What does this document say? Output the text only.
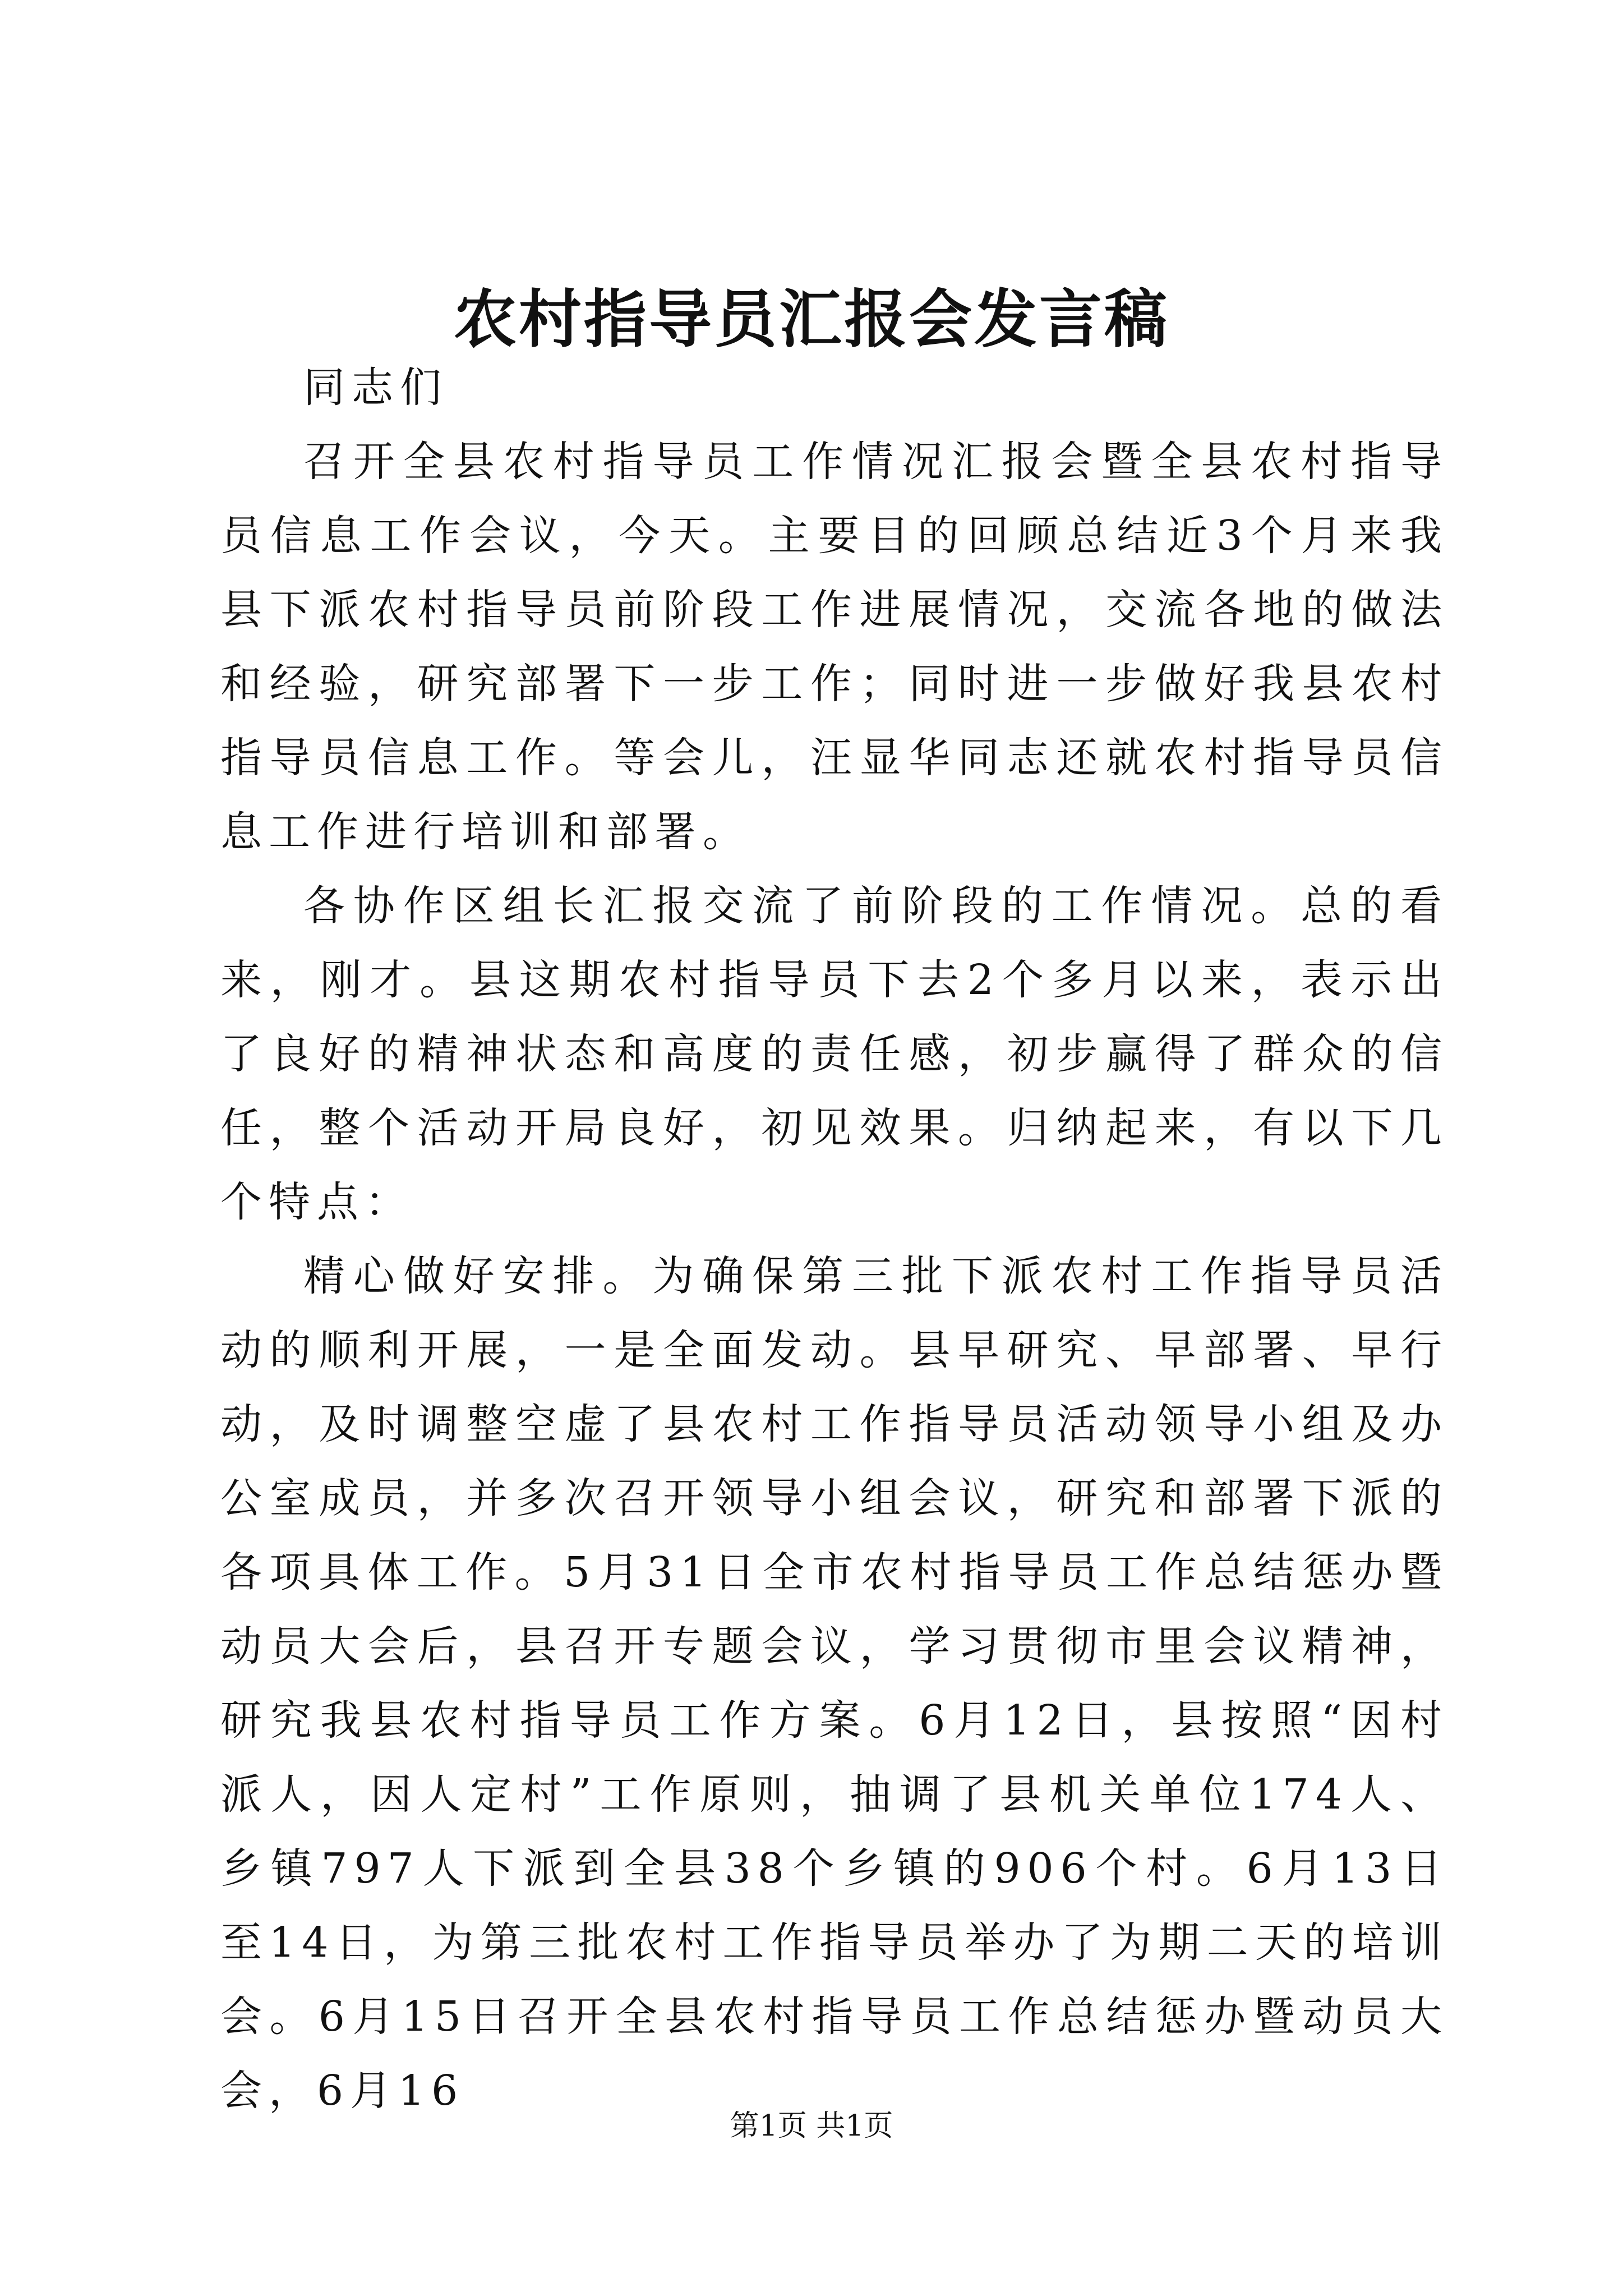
农村指导员汇报会发言稿

同志们

召开全县农村指导员工作情况汇报会暨全县农村指导员信息工作会议，今天。主要目的回顾总结近3个月来我县下派农村指导员前阶段工作进展情况，交流各地的做法和经验，研究部署下一步工作；同时进一步做好我县农村指导员信息工作。等会儿，汪显华同志还就农村指导员信息工作进行培训和部署。

各协作区组长汇报交流了前阶段的工作情况。总的看来，刚才。县这期农村指导员下去2个多月以来，表示出了良好的精神状态和高度的责任感，初步赢得了群众的信任，整个活动开局良好，初见效果。归纳起来，有以下几个特点：

精心做好安排。为确保第三批下派农村工作指导员活动的顺利开展，一是全面发动。县早研究、早部署、早行动，及时调整空虚了县农村工作指导员活动领导小组及办公室成员，并多次召开领导小组会议，研究和部署下派的各项具体工作。5月31日全市农村指导员工作总结惩办暨动员大会后，县召开专题会议，学习贯彻市里会议精神，研究我县农村指导员工作方案。6月12日，县按照“因村派人，因人定村”工作原则，抽调了县机关单位174人、乡镇797人下派到全县38个乡镇的906个村。6月13日至14日，为第三批农村工作指导员举办了为期二天的培训会。6月15日召开全县农村指导员工作总结惩办暨动员大会，6月16

第1页 共1页
